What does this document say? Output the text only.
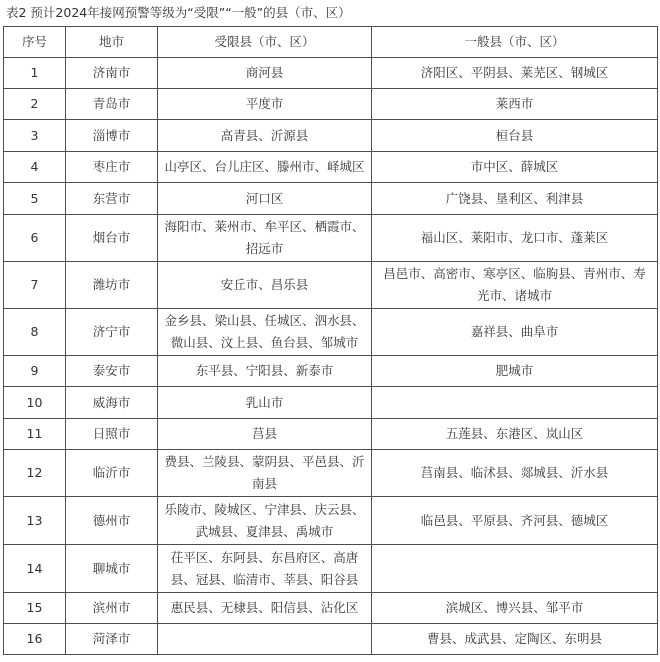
表2 预计2024年接网预警等级为“受限”“一般”的县（市、区）
序号	地市	受限县（市、区）	一般县（市、区）
1	济南市	商河县	济阳区、平阴县、莱芜区、钢城区
2	青岛市	平度市	莱西市
3	淄博市	高青县、沂源县	桓台县
4	枣庄市	山亭区、台儿庄区、滕州市、峄城区	市中区、薛城区
5	东营市	河口区	广饶县、垦利区、利津县
6	烟台市	海阳市、莱州市、牟平区、栖霞市、招远市	福山区、莱阳市、龙口市、蓬莱区
7	潍坊市	安丘市、昌乐县	昌邑市、高密市、寒亭区、临朐县、青州市、寿光市、诸城市
8	济宁市	金乡县、梁山县、任城区、泗水县、微山县、汶上县、鱼台县、邹城市	嘉祥县、曲阜市
9	泰安市	东平县、宁阳县、新泰市	肥城市
10	威海市	乳山市	
11	日照市	莒县	五莲县、东港区、岚山区
12	临沂市	费县、兰陵县、蒙阴县、平邑县、沂南县	莒南县、临沭县、郯城县、沂水县
13	德州市	乐陵市、陵城区、宁津县、庆云县、武城县、夏津县、禹城市	临邑县、平原县、齐河县、德城区
14	聊城市	茌平区、东阿县、东昌府区、高唐县、冠县、临清市、莘县、阳谷县	
15	滨州市	惠民县、无棣县、阳信县、沾化区	滨城区、博兴县、邹平市
16	菏泽市		曹县、成武县、定陶区、东明县
